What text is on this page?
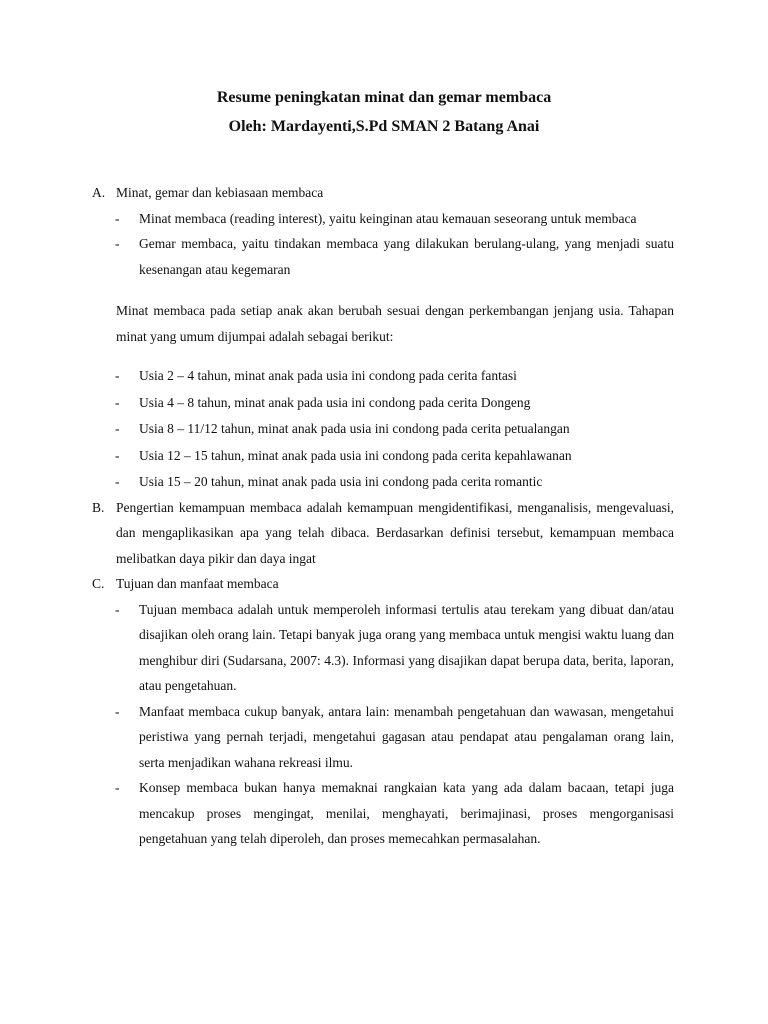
Resume peningkatan minat dan gemar membaca
Oleh: Mardayenti,S.Pd SMAN 2 Batang Anai
A. Minat, gemar dan kebiasaan membaca
- Minat membaca (reading interest), yaitu keinginan atau kemauan seseorang untuk membaca
- Gemar membaca, yaitu tindakan membaca yang dilakukan berulang-ulang, yang menjadi suatu kesenangan atau kegemaran

Minat membaca pada setiap anak akan berubah sesuai dengan perkembangan jenjang usia. Tahapan minat yang umum dijumpai adalah sebagai berikut:

- Usia 2 – 4 tahun, minat anak pada usia ini condong pada cerita fantasi
- Usia 4 – 8 tahun, minat anak pada usia ini condong pada cerita Dongeng
- Usia 8 – 11/12 tahun, minat anak pada usia ini condong pada cerita petualangan
- Usia 12 – 15 tahun, minat anak pada usia ini condong pada cerita kepahlawanan
- Usia 15 – 20 tahun, minat anak pada usia ini condong pada cerita romantic
B. Pengertian kemampuan membaca adalah kemampuan mengidentifikasi, menganalisis, mengevaluasi, dan mengaplikasikan apa yang telah dibaca. Berdasarkan definisi tersebut, kemampuan membaca melibatkan daya pikir dan daya ingat
C. Tujuan dan manfaat membaca
- Tujuan membaca adalah untuk memperoleh informasi tertulis atau terekam yang dibuat dan/atau disajikan oleh orang lain. Tetapi banyak juga orang yang membaca untuk mengisi waktu luang dan menghibur diri (Sudarsana, 2007: 4.3). Informasi yang disajikan dapat berupa data, berita, laporan, atau pengetahuan.
- Manfaat membaca cukup banyak, antara lain: menambah pengetahuan dan wawasan, mengetahui peristiwa yang pernah terjadi, mengetahui gagasan atau pendapat atau pengalaman orang lain, serta menjadikan wahana rekreasi ilmu.
- Konsep membaca bukan hanya memaknai rangkaian kata yang ada dalam bacaan, tetapi juga mencakup proses mengingat, menilai, menghayati, berimajinasi, proses mengorganisasi pengetahuan yang telah diperoleh, dan proses memecahkan permasalahan.
